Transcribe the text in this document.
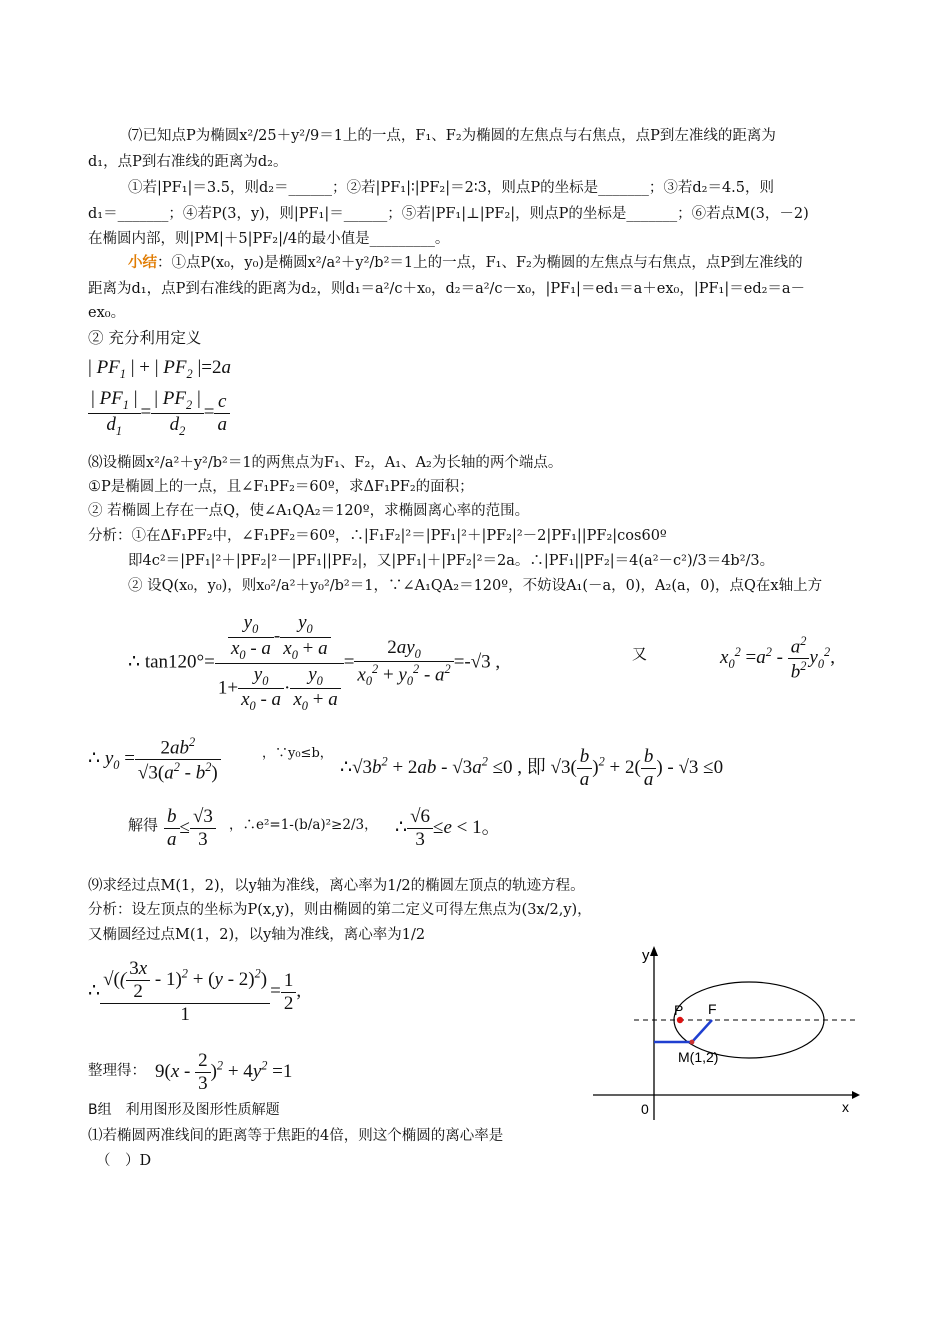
⑺已知点P为椭圆x²/25＋y²/9＝1上的一点，F₁、F₂为椭圆的左焦点与右焦点，点P到左准线的距离为
d₁，点P到右准线的距离为d₂。
①若|PF₁|＝3.5，则d₂＝______；②若|PF₁|∶|PF₂|＝2∶3，则点P的坐标是_______；③若d₂＝4.5，则
d₁＝_______；④若P(3，y)，则|PF₁|＝______；⑤若|PF₁|⊥|PF₂|，则点P的坐标是_______；⑥若点M(3，－2)
在椭圆内部，则|PM|＋5|PF₂|/4的最小值是_________。
小结：①点P(x₀，y₀)是椭圆x²/a²＋y²/b²＝1上的一点，F₁、F₂为椭圆的左焦点与右焦点，点P到左准线的
距离为d₁，点P到右准线的距离为d₂，则d₁＝a²/c＋x₀，d₂＝a²/c－x₀，|PF₁|＝ed₁＝a＋ex₀，|PF₁|＝ed₂＝a－
ex₀。
② 充分利用定义
| $PF_1$ | + | $PF_2$ |=2a
$\frac{| PF_1 |}{d_1} = \frac{| PF_2 |}{d_2} = \frac{c}{a}$
⑻设椭圆x²/a²＋y²/b²＝1的两焦点为F₁、F₂，A₁、A₂为长轴的两个端点。
①P是椭圆上的一点，且∠F₁PF₂＝60º，求ΔF₁PF₂的面积；
② 若椭圆上存在一点Q，使∠A₁QA₂＝120º，求椭圆离心率的范围。
分析：①在ΔF₁PF₂中，∠F₁PF₂＝60º，∴|F₁F₂|²＝|PF₁|²＋|PF₂|²－2|PF₁||PF₂|cos60º
即4c²＝|PF₁|²＋|PF₂|²－|PF₁||PF₂|，又|PF₁|＋|PF₂|²＝2a。∴|PF₁||PF₂|＝4(a²－c²)/3＝4b²/3。
② 设Q(x₀，y₀)，则x₀²/a²＋y₀²/b²＝1，∵∠A₁QA₂＝120º，不妨设A₁(－a，0)，A₂(a，0)，点Q在x轴上方
∴ $\tan 120^\circ= \frac{\frac{y_0}{x_0 - a} - \frac{y_0}{x_0 + a}}{1+ \frac{y_0}{x_0 - a} \cdot \frac{y_0}{x_0 + a}} = \frac{2ay_0}{x_0^2 + y_0^2 - a^2} =-√3$ ,	又	$x_0^2 =a^2 - \frac{a^2}{b^2} y_0^2$,
∴ $y_0 = \frac{2ab^2}{√3(a^2 - b^2)}$	，∵y₀≤b，
$\therefore√3b^2 + 2ab - √3a^2 \le 0$ , 即 $√3( \frac{b}{a} )^2 + 2( \frac{b}{a}$ ) - √3 ≤0
解得 $\frac{b}{a} \le \frac{√3}{3}$ ，∴e²=1-(b/a)²≥2/3， ∴ $\frac{√6}{3} \le e < 1$。
⑼求经过点M(1，2)，以y轴为准线，离心率为1/2的椭圆左顶点的轨迹方程。
分析：设左顶点的坐标为P(x,y)，则由椭圆的第二定义可得左焦点为(3x/2,y)，
又椭圆经过点M(1，2)，以y轴为准线，离心率为1/2
∴ $\frac{√(( \frac{3x}{2} - 1)^2 + (y - 2)^2)}{1} = \frac{1}{2}$ ,
整理得： $9(x - \frac{2}{3} )^2 + 4y^2 =1$
B组　利用图形及图形性质解题
⑴若椭圆两准线间的距离等于焦距的4倍，则这个椭圆的离心率是
（　）D
y
x
0
P F
M(1,2)
